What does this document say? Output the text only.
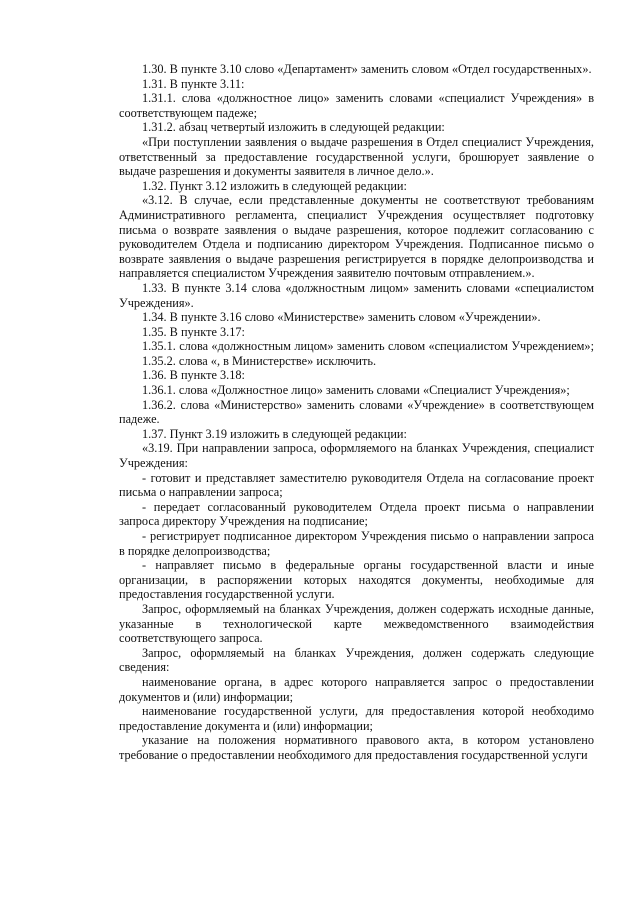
1.30. В пункте 3.10 слово «Департамент» заменить словом «Отдел государственных».

1.31. В пункте 3.11:

1.31.1. слова «должностное лицо» заменить словами «специалист Учреждения» в соответствующем падеже;

1.31.2. абзац четвертый изложить в следующей редакции:

«При поступлении заявления о выдаче разрешения в Отдел специалист Учреждения, ответственный за предоставление государственной услуги, брошюрует заявление о выдаче разрешения и документы заявителя в личное дело.».

1.32. Пункт 3.12 изложить в следующей редакции:

«3.12. В случае, если представленные документы не соответствуют требованиям Административного регламента, специалист Учреждения осуществляет подготовку письма о возврате заявления о выдаче разрешения, которое подлежит согласованию с руководителем Отдела и подписанию директором Учреждения. Подписанное письмо о возврате заявления о выдаче разрешения регистрируется в порядке делопроизводства и направляется специалистом Учреждения заявителю почтовым отправлением.».

1.33. В пункте 3.14 слова «должностным лицом» заменить словами «специалистом Учреждения».

1.34. В пункте 3.16 слово «Министерстве» заменить словом «Учреждении».

1.35. В пункте 3.17:

1.35.1. слова «должностным лицом» заменить словом «специалистом Учреждением»;

1.35.2. слова «, в Министерстве» исключить.

1.36. В пункте 3.18:

1.36.1. слова «Должностное лицо» заменить словами «Специалист Учреждения»;

1.36.2. слова «Министерство» заменить словами «Учреждение» в соответствующем падеже.

1.37. Пункт 3.19 изложить в следующей редакции:

«3.19. При направлении запроса, оформляемого на бланках Учреждения, специалист Учреждения:

- готовит и представляет заместителю руководителя Отдела на согласование проект письма о направлении запроса;

- передает согласованный руководителем Отдела проект письма о направлении запроса директору Учреждения на подписание;

- регистрирует подписанное директором Учреждения письмо о направлении запроса в порядке делопроизводства;

- направляет письмо в федеральные органы государственной власти и иные организации, в распоряжении которых находятся документы, необходимые для предоставления государственной услуги.

Запрос, оформляемый на бланках Учреждения, должен содержать исходные данные, указанные в технологической карте межведомственного взаимодействия соответствующего запроса.

Запрос, оформляемый на бланках Учреждения, должен содержать следующие сведения:

наименование органа, в адрес которого направляется запрос о предоставлении документов и (или) информации;

наименование государственной услуги, для предоставления которой необходимо предоставление документа и (или) информации;

указание на положения нормативного правового акта, в котором установлено требование о предоставлении необходимого для предоставления государственной услуги
